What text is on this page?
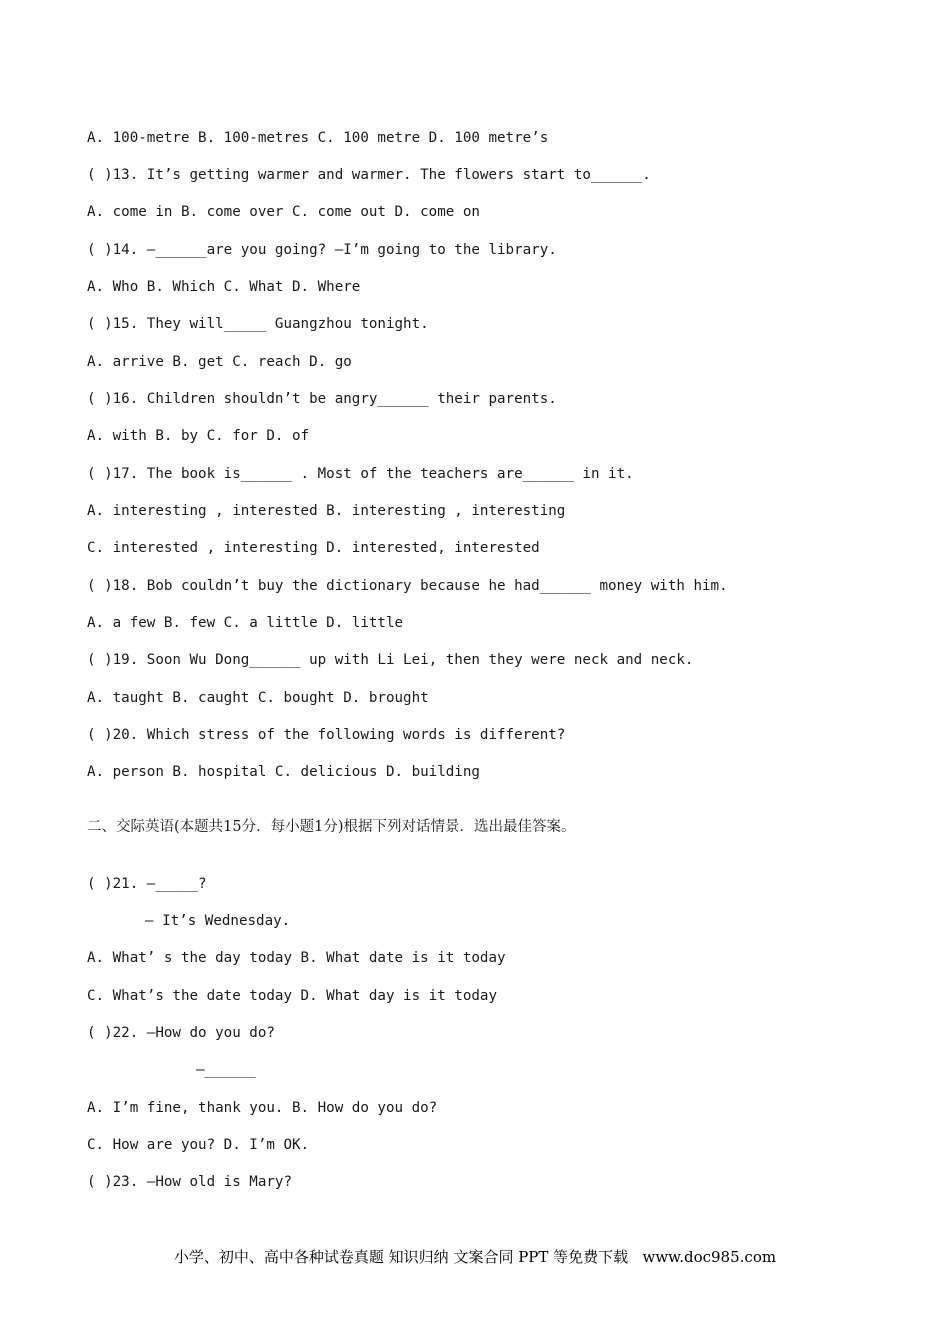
A. 100-metre B. 100-metres C. 100 metre D. 100 metre’s
( )13. It’s getting warmer and warmer. The flowers start to______.
A. come in B. come over C. come out D. come on
( )14. —______are you going? —I’m going to the library.
A. Who B. Which C. What D. Where
( )15. They will_____ Guangzhou tonight.
A. arrive B. get C. reach D. go
( )16. Children shouldn’t be angry______ their parents.
A. with B. by C. for D. of
( )17. The book is______ . Most of the teachers are______ in it.
A. interesting , interested B. interesting , interesting
C. interested , interesting D. interested, interested
( )18. Bob couldn’t buy the dictionary because he had______ money with him.
A. a few B. few C. a little D. little
( )19. Soon Wu Dong______ up with Li Lei, then they were neck and neck.
A. taught B. caught C. bought D. brought
( )20. Which stress of the following words is different?
A. person B. hospital C. delicious D. building
二、交际英语(本题共15分．每小题1分)根据下列对话情景．选出最佳答案。
( )21. —_____?
— It’s Wednesday.
A. What’ s the day today B. What date is it today
C. What’s the date today D. What day is it today
( )22. —How do you do?
—______
A. I’m fine, thank you. B. How do you do?
C. How are you? D. I’m OK.
( )23. —How old is Mary?
小学、初中、高中各种试卷真题 知识归纳 文案合同 PPT 等免费下载   www.doc985.com
